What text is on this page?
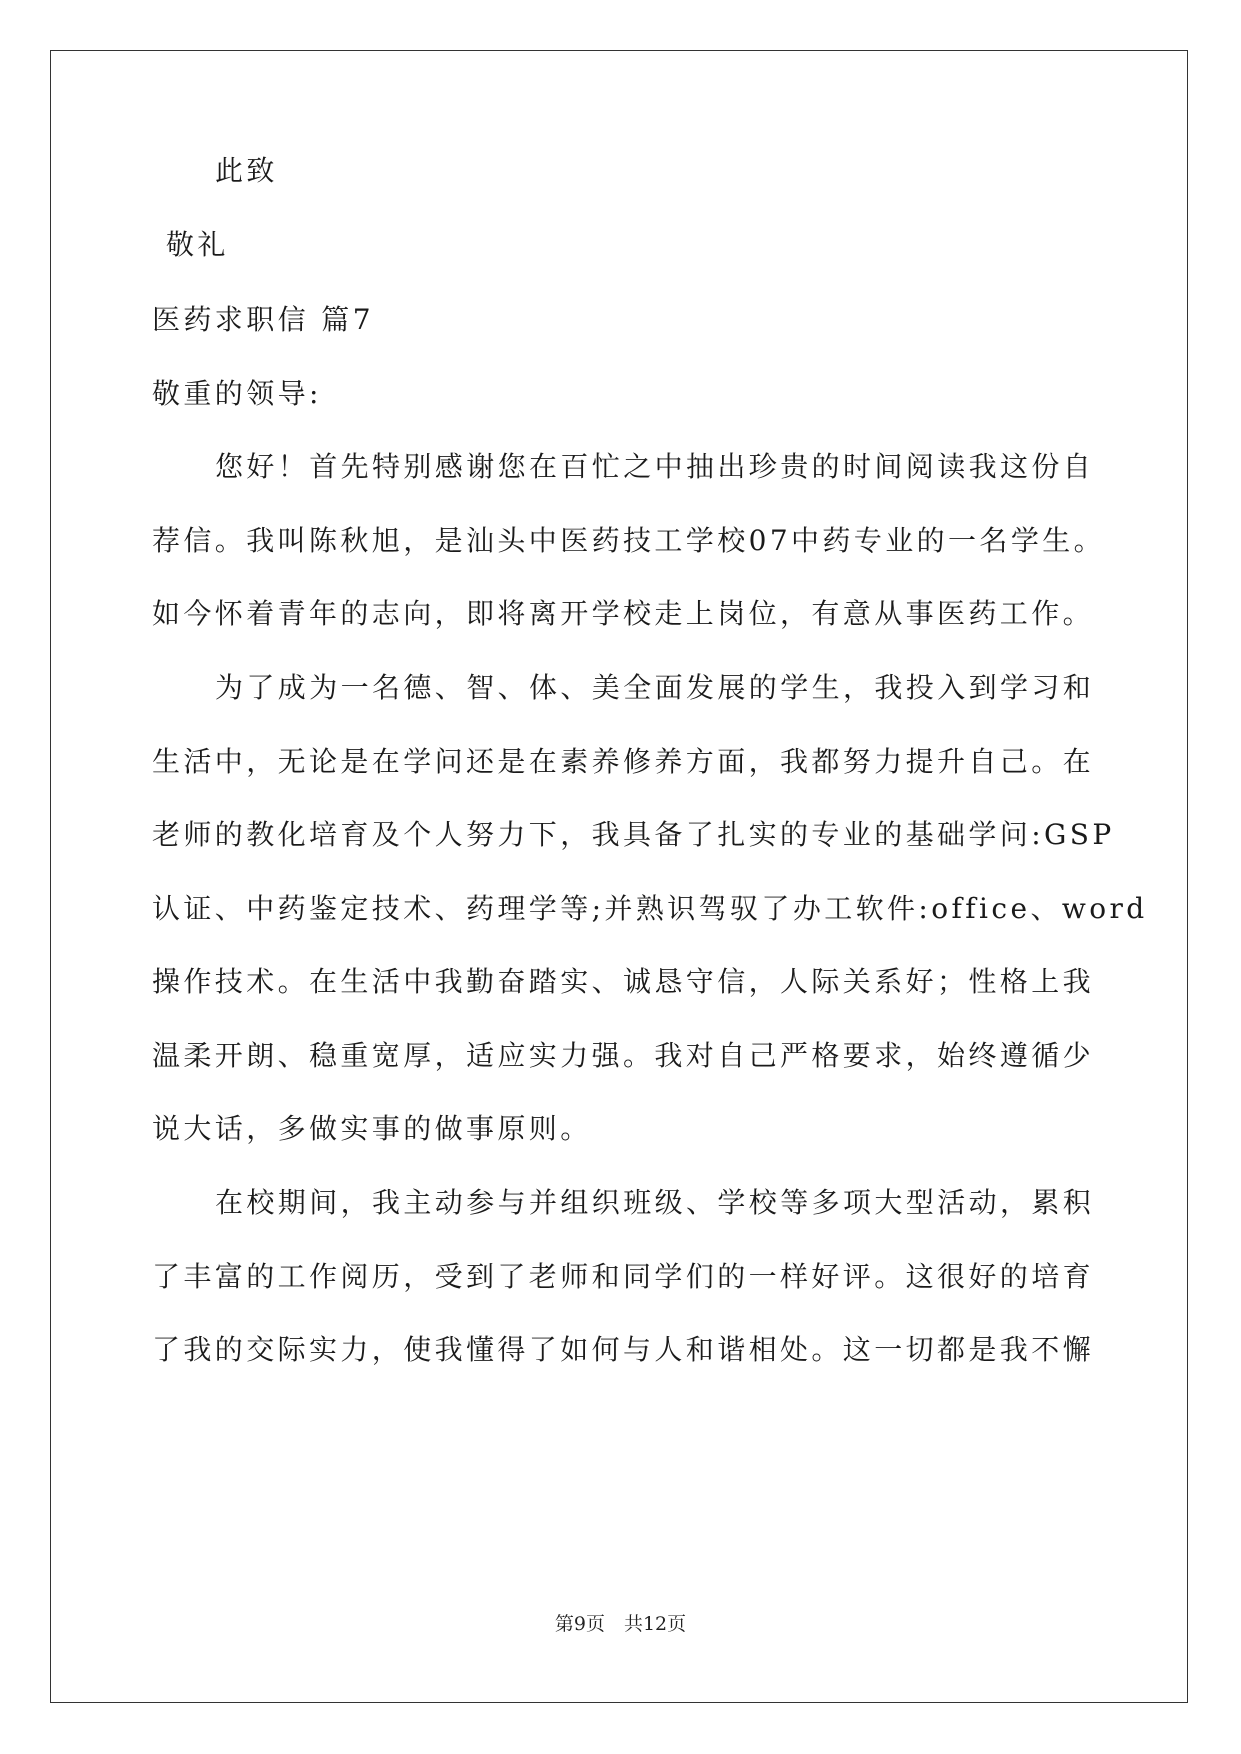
此致
敬礼
医药求职信 篇7
敬重的领导:
您好！首先特别感谢您在百忙之中抽出珍贵的时间阅读我这份自
荐信。我叫陈秋旭，是汕头中医药技工学校07中药专业的一名学生。
如今怀着青年的志向，即将离开学校走上岗位，有意从事医药工作。
为了成为一名德、智、体、美全面发展的学生，我投入到学习和
生活中，无论是在学问还是在素养修养方面，我都努力提升自己。在
老师的教化培育及个人努力下，我具备了扎实的专业的基础学问:GSP
认证、中药鉴定技术、药理学等;并熟识驾驭了办工软件:office、word
操作技术。在生活中我勤奋踏实、诚恳守信，人际关系好；性格上我
温柔开朗、稳重宽厚，适应实力强。我对自己严格要求，始终遵循少
说大话，多做实事的做事原则。
在校期间，我主动参与并组织班级、学校等多项大型活动，累积
了丰富的工作阅历，受到了老师和同学们的一样好评。这很好的培育
了我的交际实力，使我懂得了如何与人和谐相处。这一切都是我不懈
第9页　共12页
